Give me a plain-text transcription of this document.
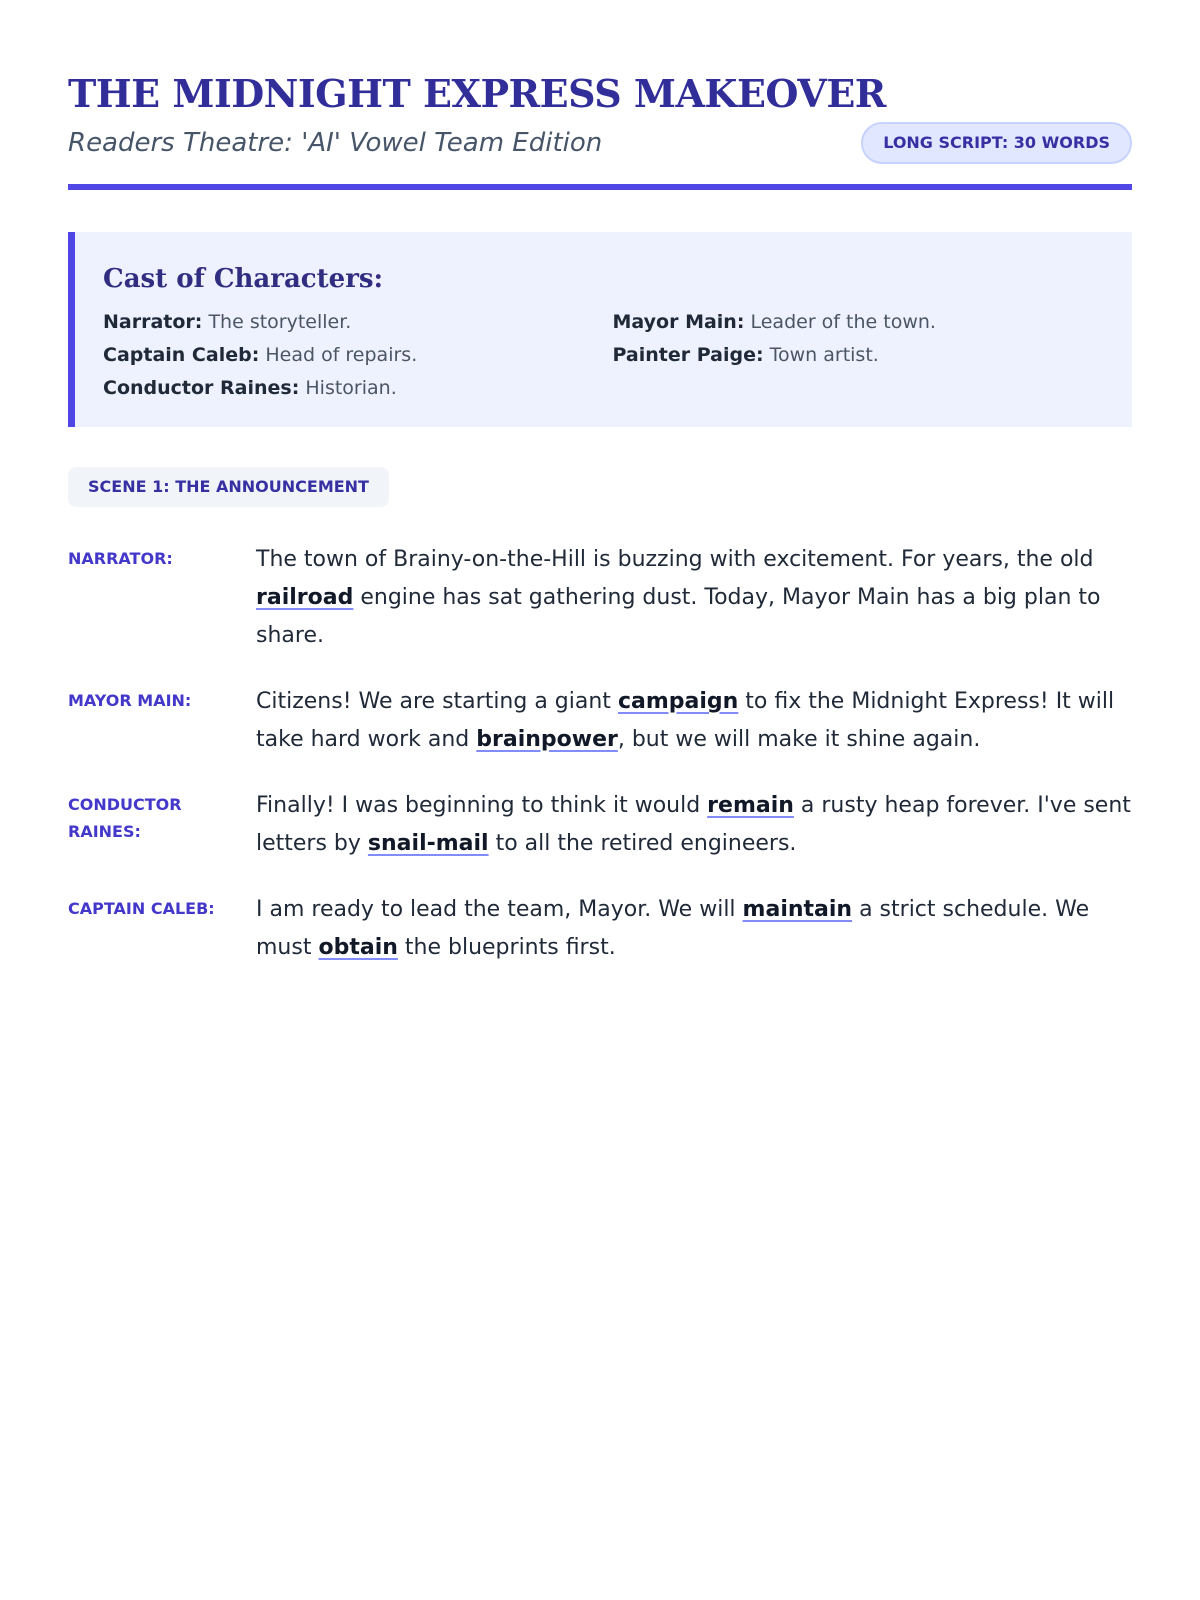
THE MIDNIGHT EXPRESS MAKEOVER

Readers Theatre: 'AI' Vowel Team Edition	LONG SCRIPT: 30 WORDS
Cast of Characters:
Narrator: The storyteller.	Mayor Main: Leader of the town.
Captain Caleb: Head of repairs.	Painter Paige: Town artist.
Conductor Raines: Historian.
SCENE 1: THE ANNOUNCEMENT
NARRATOR:	The town of Brainy-on-the-Hill is buzzing with excitement. For years, the old railroad engine has sat gathering dust. Today, Mayor Main has a big plan to share.
MAYOR MAIN:	Citizens! We are starting a giant campaign to fix the Midnight Express! It will take hard work and brainpower, but we will make it shine again.
CONDUCTOR RAINES:
Finally! I was beginning to think it would remain a rusty heap forever. I've sent letters by snail-mail to all the retired engineers.
CAPTAIN CALEB:	I am ready to lead the team, Mayor. We will maintain a strict schedule. We must obtain the blueprints first.
